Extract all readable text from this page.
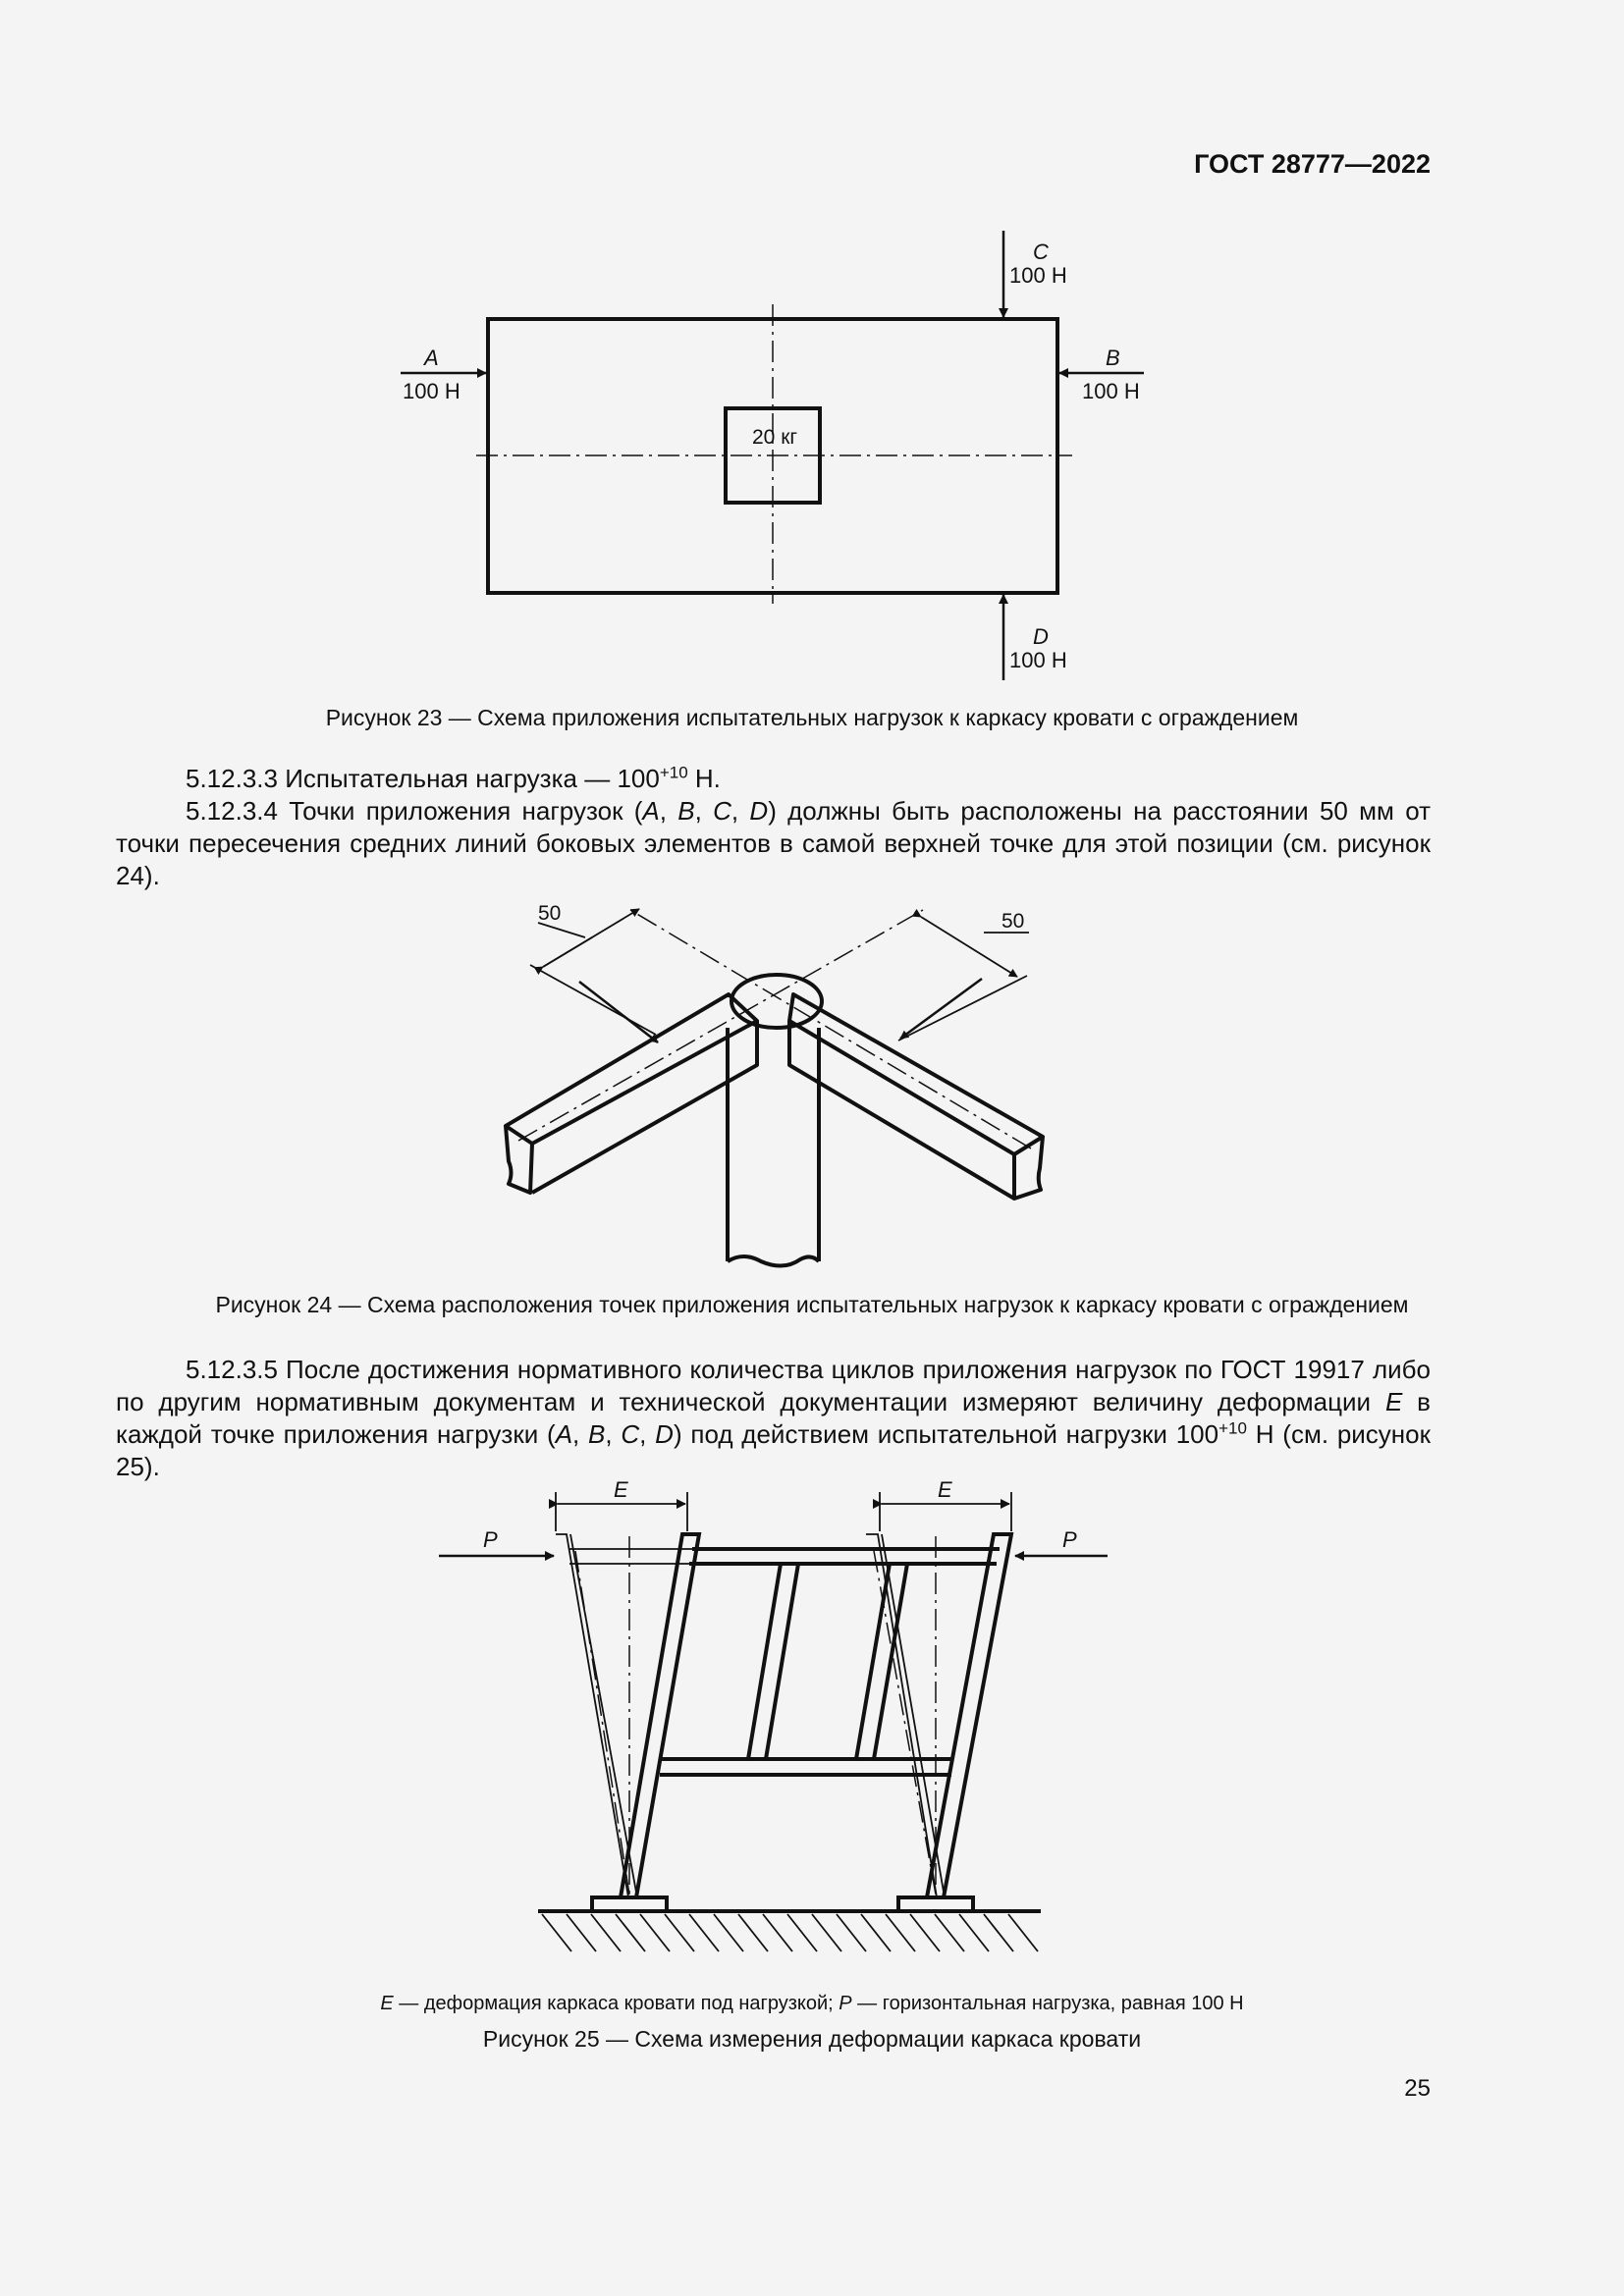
ГОСТ 28777—2022
20 кг
C
100 Н
A
100 Н
B
100 Н
D
100 Н
Рисунок 23 — Схема приложения испытательных нагрузок к каркасу кровати с ограждением

5.12.3.3 Испытательная нагрузка — $100^{+10}$ Н.

5.12.3.4 Точки приложения нагрузок (A, B, C, D) должны быть расположены на расстоянии 50 мм от точки пересечения средних линий боковых элементов в самой верхней точке для этой позиции (см. рисунок 24).

50	50
Рисунок 24 — Схема расположения точек приложения испытательных нагрузок к каркасу кровати с ограждением

5.12.3.5 После достижения нормативного количества циклов приложения нагрузок по ГОСТ 19917 либо по другим нормативным документам и технической документации измеряют величину деформации E в каждой точке приложения нагрузки (A, B, C, D) под действием испытательной нагрузки $100^{+10}$ Н (см. рисунок 25).

E	E
P	P
E — деформация каркаса кровати под нагрузкой; P — горизонтальная нагрузка, равная 100 Н
Рисунок 25 — Схема измерения деформации каркаса кровати
25
